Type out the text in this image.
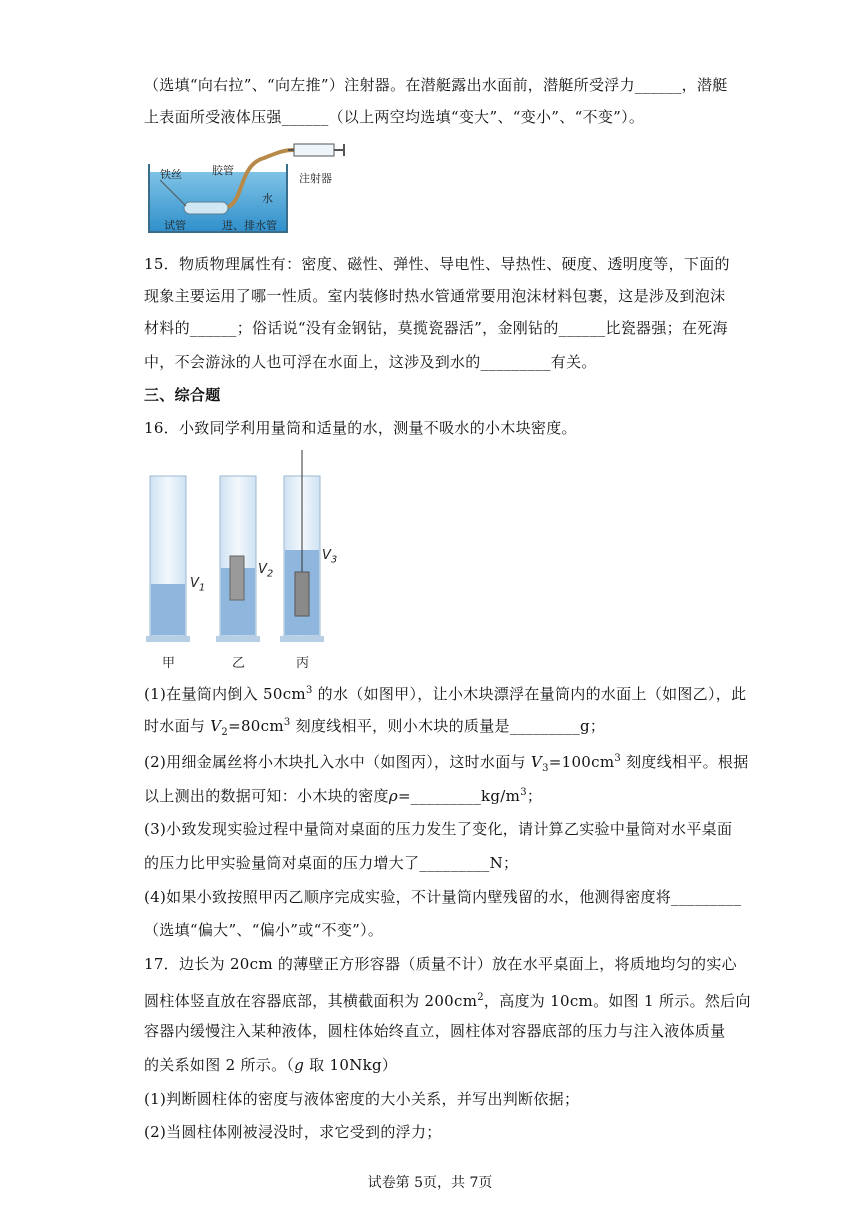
（选填“向右拉”、“向左推”）注射器。在潜艇露出水面前，潜艇所受浮力______，潜艇
上表面所受液体压强______（以上两空均选填“变大”、“变小”、“不变”）。
铁丝	胶管
注射器
水
试管	进、排水管
15．物质物理属性有：密度、磁性、弹性、导电性、导热性、硬度、透明度等，下面的
现象主要运用了哪一性质。室内装修时热水管通常要用泡沫材料包裹，这是涉及到泡沫
材料的______；俗话说“没有金钢钻，莫揽瓷器活”，金刚钻的______比瓷器强；在死海
中，不会游泳的人也可浮在水面上，这涉及到水的_________有关。
三、综合题
16．小致同学利用量筒和适量的水，测量不吸水的小木块密度。
$V_1$
$V_2$
$V_3$
甲	乙	丙
(1)在量筒内倒入 $50cm^3$ 的水（如图甲），让小木块漂浮在量筒内的水面上（如图乙），此
时水面与 $V_2=80cm^3$ 刻度线相平，则小木块的质量是_________g；
(2)用细金属丝将小木块扎入水中（如图丙），这时水面与 $V_3=100cm^3$ 刻度线相平。根据
以上测出的数据可知：小木块的密度$\rho=\_\_\_\_\_\_\_\_\_kg/m^3$；
(3)小致发现实验过程中量筒对桌面的压力发生了变化，请计算乙实验中量筒对水平桌面
的压力比甲实验量筒对桌面的压力增大了_________N；
(4)如果小致按照甲丙乙顺序完成实验，不计量筒内壁残留的水，他测得密度将_________
（选填“偏大”、“偏小”或“不变”）。
17．边长为 20cm 的薄壁正方形容器（质量不计）放在水平桌面上，将质地均匀的实心
圆柱体竖直放在容器底部，其横截面积为 $200cm^2$，高度为 10cm。如图 1 所示。然后向
容器内缓慢注入某种液体，圆柱体始终直立，圆柱体对容器底部的压力与注入液体质量
的关系如图 2 所示。（g 取 10Nkg）
(1)判断圆柱体的密度与液体密度的大小关系，并写出判断依据；
(2)当圆柱体刚被浸没时，求它受到的浮力；
试卷第 5页，共 7页
